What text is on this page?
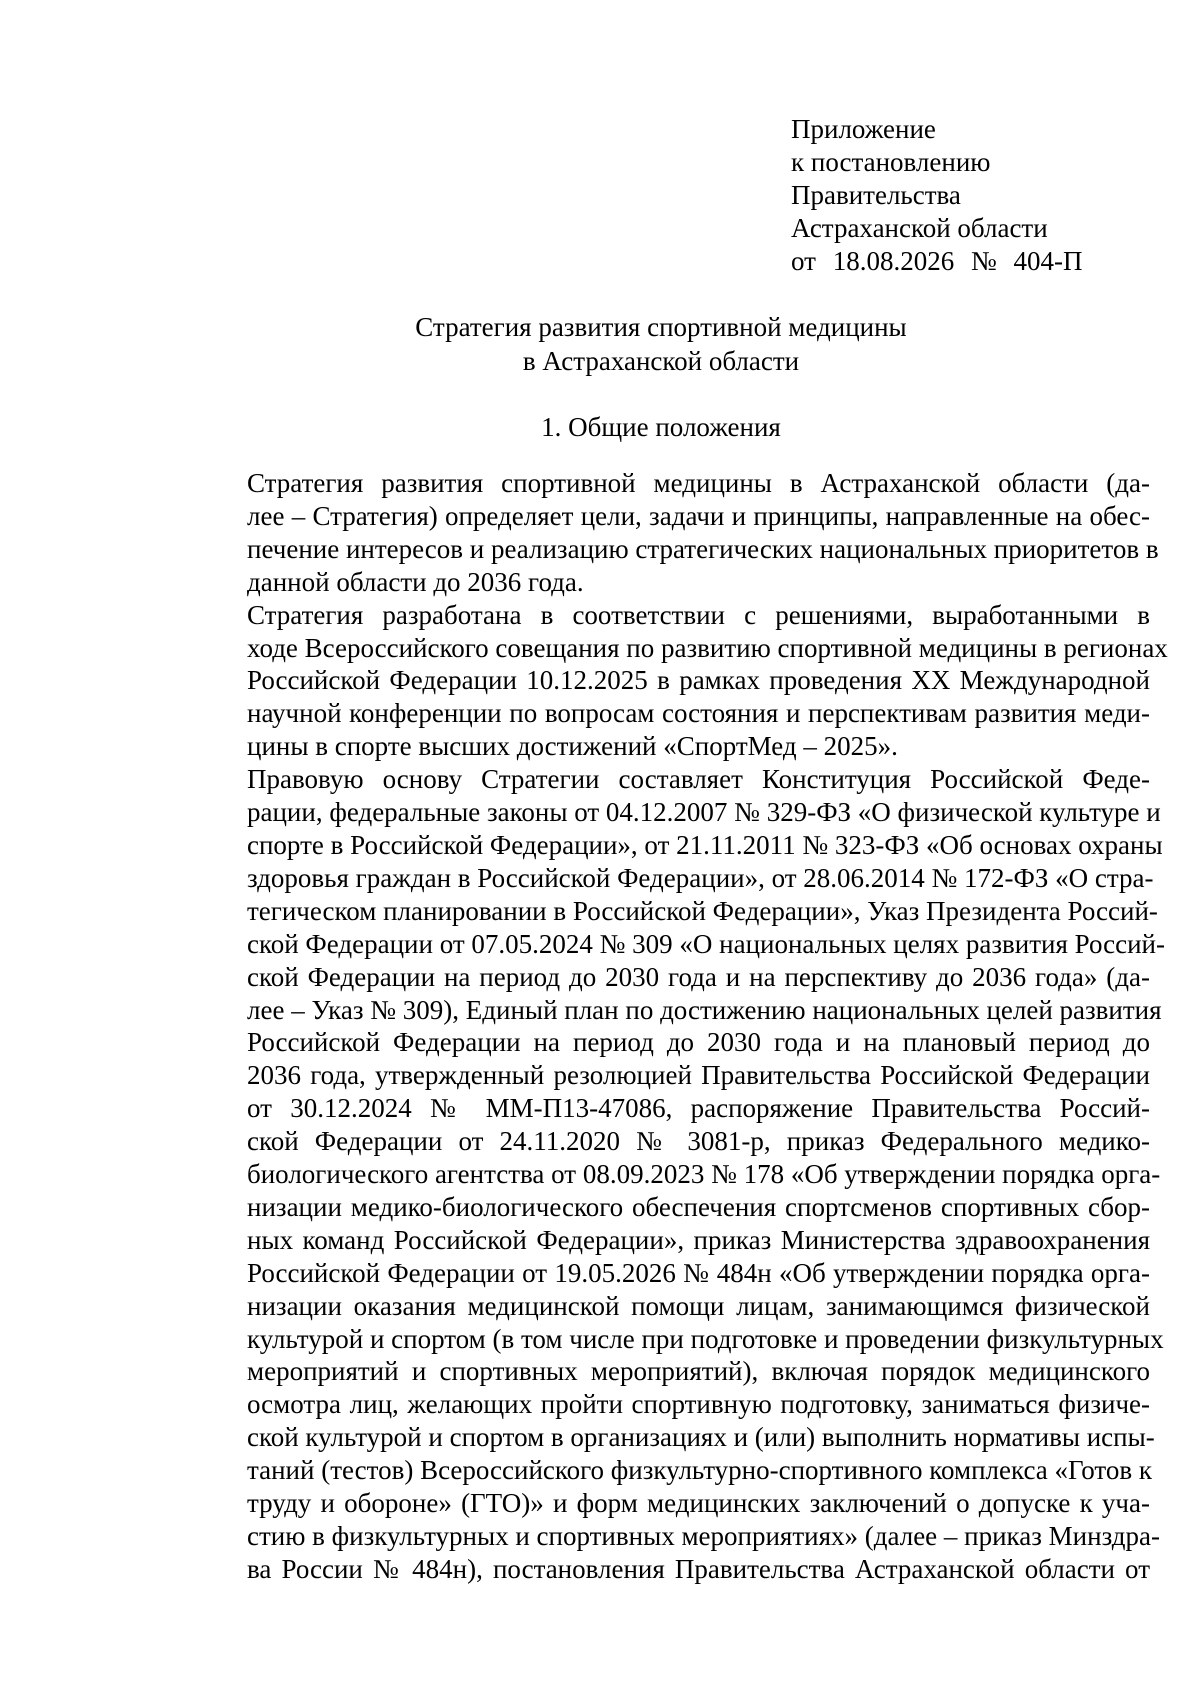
Приложение
к постановлению
Правительства
Астраханской области
от 18.08.2026 № 404-П
Стратегия развития спортивной медицины
в Астраханской области
1. Общие положения

Стратегия развития спортивной медицины в Астраханской области (да-
лее – Стратегия) определяет цели, задачи и принципы, направленные на обес-
печение интересов и реализацию стратегических национальных приоритетов в
данной области до 2036 года.

Стратегия разработана в соответствии с решениями, выработанными в
ходе Всероссийского совещания по развитию спортивной медицины в регионах
Российской Федерации 10.12.2025 в рамках проведения XX Международной
научной конференции по вопросам состояния и перспективам развития меди-
цины в спорте высших достижений «СпортМед – 2025».

Правовую основу Стратегии составляет Конституция Российской Феде-
рации, федеральные законы от 04.12.2007 № 329-ФЗ «О физической культуре и
спорте в Российской Федерации», от 21.11.2011 № 323-ФЗ «Об основах охраны
здоровья граждан в Российской Федерации», от 28.06.2014 № 172-ФЗ «О стра-
тегическом планировании в Российской Федерации», Указ Президента Россий-
ской Федерации от 07.05.2024 № 309 «О национальных целях развития Россий-
ской Федерации на период до 2030 года и на перспективу до 2036 года» (да-
лее – Указ № 309), Единый план по достижению национальных целей развития
Российской Федерации на период до 2030 года и на плановый период до
2036 года, утвержденный резолюцией Правительства Российской Федерации
от 30.12.2024 № ММ-П13-47086, распоряжение Правительства Россий-
ской Федерации от 24.11.2020 № 3081-р, приказ Федерального медико-
биологического агентства от 08.09.2023 № 178 «Об утверждении порядка орга-
низации медико-биологического обеспечения спортсменов спортивных сбор-
ных команд Российской Федерации», приказ Министерства здравоохранения
Российской Федерации от 19.05.2026 № 484н «Об утверждении порядка орга-
низации оказания медицинской помощи лицам, занимающимся физической
культурой и спортом (в том числе при подготовке и проведении физкультурных
мероприятий и спортивных мероприятий), включая порядок медицинского
осмотра лиц, желающих пройти спортивную подготовку, заниматься физиче-
ской культурой и спортом в организациях и (или) выполнить нормативы испы-
таний (тестов) Всероссийского физкультурно-спортивного комплекса «Готов к
труду и обороне» (ГТО)» и форм медицинских заключений о допуске к уча-
стию в физкультурных и спортивных мероприятиях» (далее – приказ Минздра-
ва России № 484н), постановления Правительства Астраханской области от
